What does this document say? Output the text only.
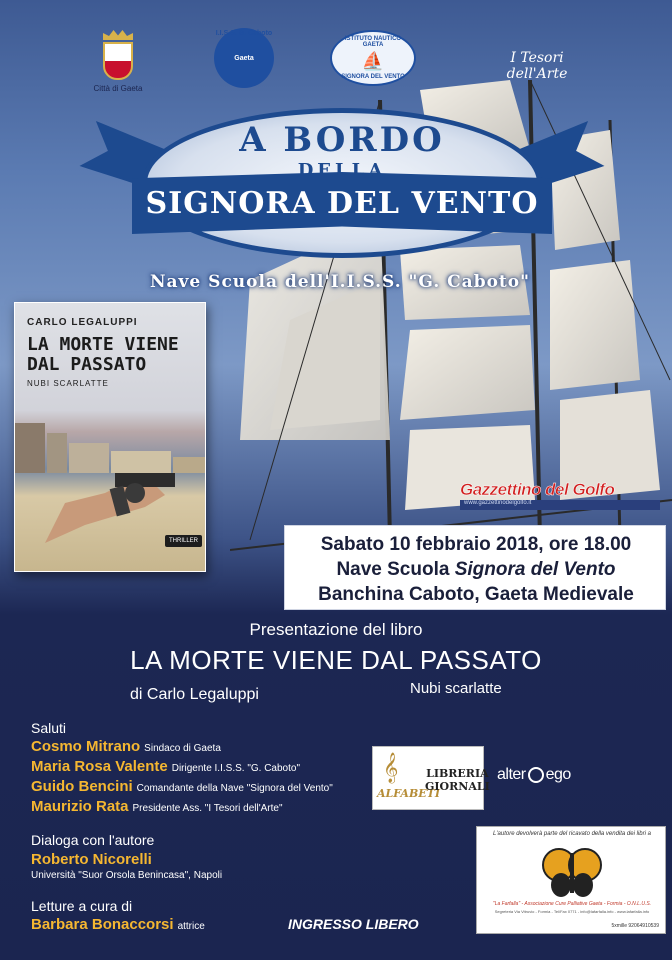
Città di Gaeta
I.I.S.S. G. Caboto
Gaeta
ISTITUTO NAUTICO GAETA
⛵
SIGNORA DEL VENTO
I Tesori dell'Arte
A BORDO
DELLA
SIGNORA DEL VENTO
Nave Scuola dell'I.I.S.S. "G. Caboto"
CARLO LEGALUPPI
LA MORTE VIENE DAL PASSATO
NUBI SCARLATTE
THRILLER
Gazzettino del Golfo
www.gazzettinodelgolfo.it
Sabato 10 febbraio 2018, ore 18.00
Nave Scuola Signora del Vento
Banchina Caboto, Gaeta Medievale
Presentazione del libro
LA MORTE VIENE DAL PASSATO
Nubi scarlatte
di Carlo Legaluppi
Saluti
Cosmo Mitrano Sindaco di Gaeta
Maria Rosa Valente Dirigente I.I.S.S. "G. Caboto"
Guido Bencini Comandante della Nave "Signora del Vento"
Maurizio Rata Presidente Ass. "I Tesori dell'Arte"
Dialoga con l'autore
Roberto Nicorelli
Università "Suor Orsola Benincasa", Napoli
Letture a cura di
Barbara Bonaccorsi attrice
𝄞
ALFABETI
LIBRERIA
GIORNALI
alter ego
L'autore devolverà parte del ricavato della vendita dei libri a
"La Farfalla" - Associazione Cure Palliative Gaeta - Formia - O.N.L.U.S.
Segreteria Via Vitruvio - Formia - Tel/Fax 0771 - info@lafarfalla.info - www.lafarfalla.info
5xmille 92064910539
INGRESSO LIBERO
